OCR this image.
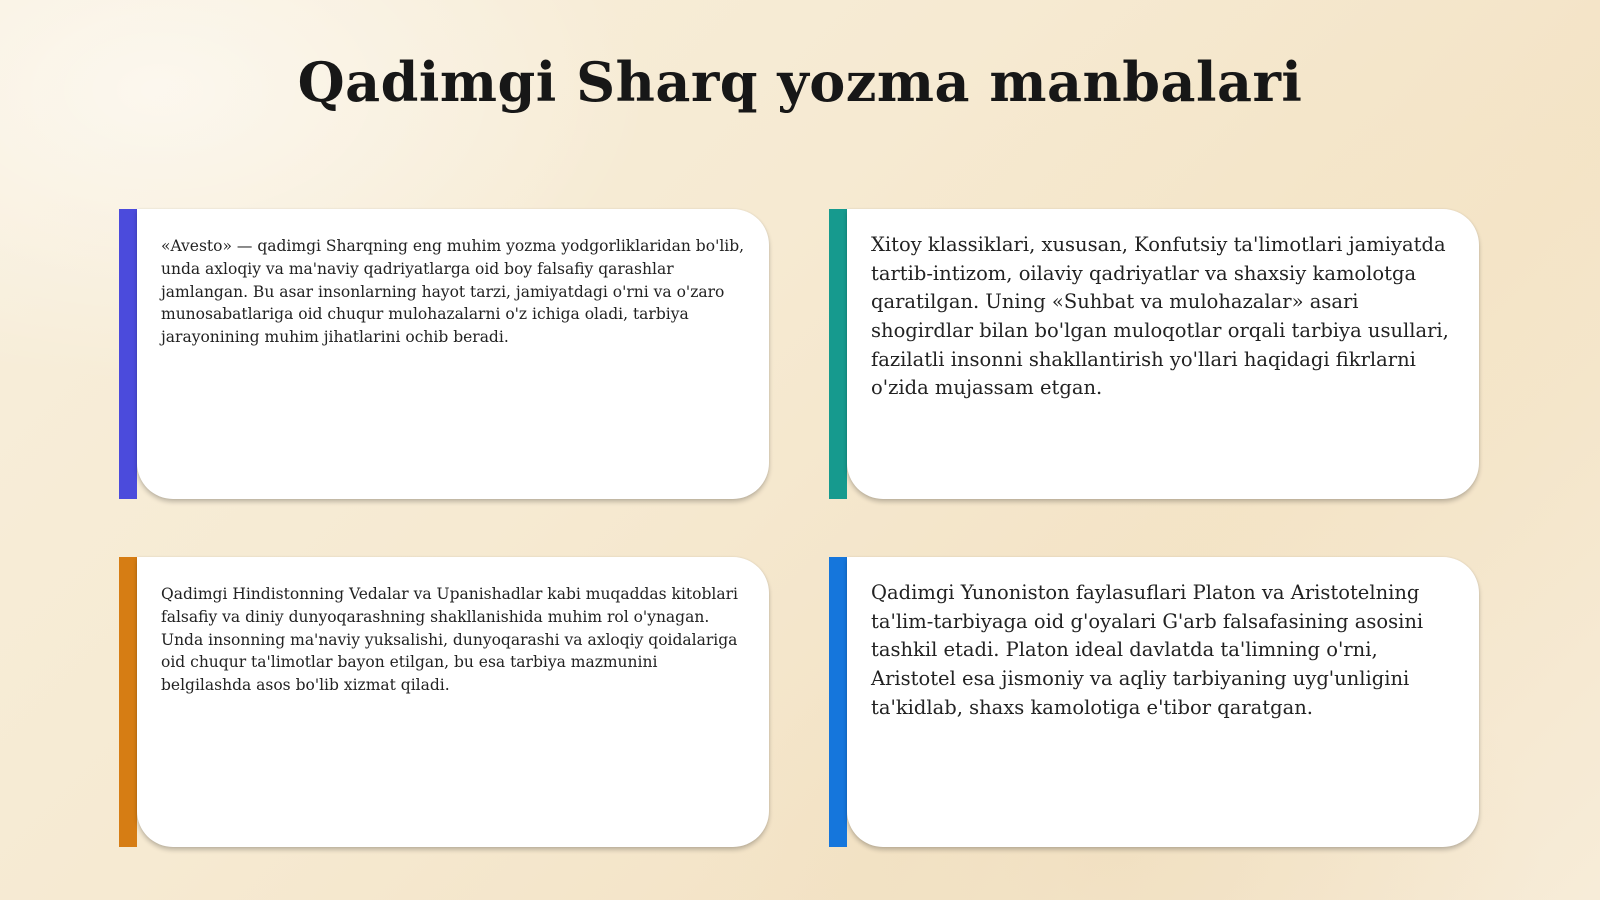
Qadimgi Sharq yozma manbalari

«Avesto» — qadimgi Sharqning eng muhim yozma yodgorliklaridan bo'lib, unda axloqiy va ma'naviy qadriyatlarga oid boy falsafiy qarashlar jamlangan. Bu asar insonlarning hayot tarzi, jamiyatdagi o'rni va o'zaro munosabatlariga oid chuqur mulohazalarni o'z ichiga oladi, tarbiya jarayonining muhim jihatlarini ochib beradi.

Xitoy klassiklari, xususan, Konfutsiy ta'limotlari jamiyatda tartib-intizom, oilaviy qadriyatlar va shaxsiy kamolotga qaratilgan. Uning «Suhbat va mulohazalar» asari shogirdlar bilan bo'lgan muloqotlar orqali tarbiya usullari, fazilatli insonni shakllantirish yo'llari haqidagi fikrlarni o'zida mujassam etgan.

Qadimgi Hindistonning Vedalar va Upanishadlar kabi muqaddas kitoblari falsafiy va diniy dunyoqarashning shakllanishida muhim rol o'ynagan. Unda insonning ma'naviy yuksalishi, dunyoqarashi va axloqiy qoidalariga oid chuqur ta'limotlar bayon etilgan, bu esa tarbiya mazmunini belgilashda asos bo'lib xizmat qiladi.

Qadimgi Yunoniston faylasuflari Platon va Aristotelning ta'lim-tarbiyaga oid g'oyalari G'arb falsafasining asosini tashkil etadi. Platon ideal davlatda ta'limning o'rni, Aristotel esa jismoniy va aqliy tarbiyaning uyg'unligini ta'kidlab, shaxs kamolotiga e'tibor qaratgan.
